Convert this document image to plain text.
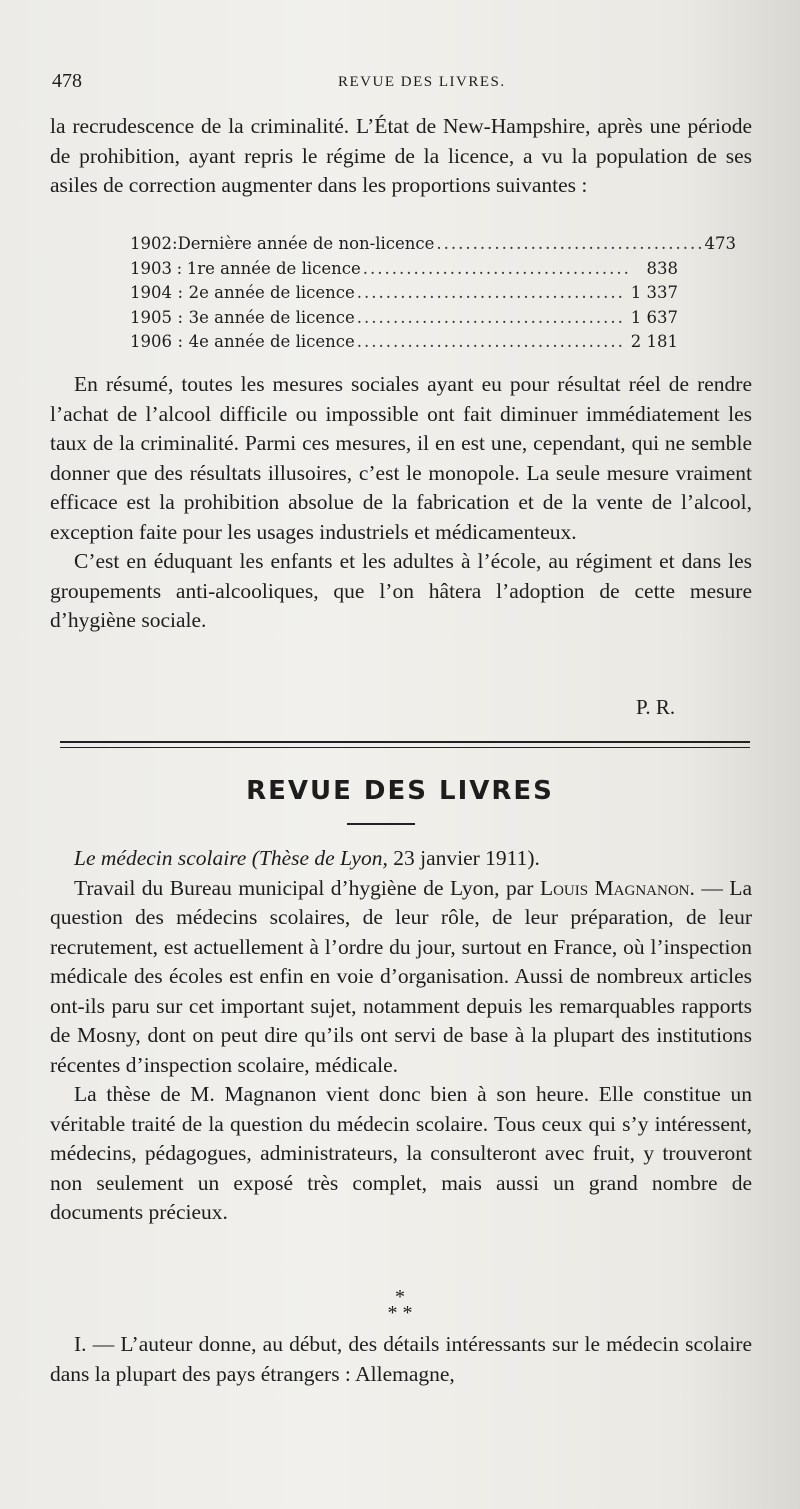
478	REVUE DES LIVRES.

la recrudescence de la criminalité. L’État de New-Hampshire, après une période de prohibition, ayant repris le régime de la licence, a vu la population de ses asiles de correction augmenter dans les proportions suivantes :

1902 : Dernière année de non-licence ..................................... 473
1903 : 1re année de licence ..................................... 838
1904 : 2e année de licence ..................................... 1 337
1905 : 3e année de licence ..................................... 1 637
1906 : 4e année de licence ..................................... 2 181

En résumé, toutes les mesures sociales ayant eu pour résultat réel de rendre l’achat de l’alcool difficile ou impossible ont fait diminuer immédiatement les taux de la criminalité. Parmi ces mesures, il en est une, cependant, qui ne semble donner que des résultats illusoires, c’est le monopole. La seule mesure vraiment efficace est la prohibition absolue de la fabrication et de la vente de l’alcool, exception faite pour les usages industriels et médicamenteux.

C’est en éduquant les enfants et les adultes à l’école, au régiment et dans les groupements anti-alcooliques, que l’on hâtera l’adoption de cette mesure d’hygiène sociale.

P. R.
REVUE DES LIVRES

Le médecin scolaire (Thèse de Lyon, 23 janvier 1911).

Travail du Bureau municipal d’hygiène de Lyon, par Louis Magnanon. — La question des médecins scolaires, de leur rôle, de leur préparation, de leur recrutement, est actuellement à l’ordre du jour, surtout en France, où l’inspection médicale des écoles est enfin en voie d’organisation. Aussi de nombreux articles ont-ils paru sur cet important sujet, notamment depuis les remarquables rapports de Mosny, dont on peut dire qu’ils ont servi de base à la plupart des institutions récentes d’inspection scolaire, médicale.

La thèse de M. Magnanon vient donc bien à son heure. Elle constitue un véritable traité de la question du médecin scolaire. Tous ceux qui s’y intéressent, médecins, pédagogues, administrateurs, la consulteront avec fruit, y trouveront non seulement un exposé très complet, mais aussi un grand nombre de documents précieux.

*
* *

I. — L’auteur donne, au début, des détails intéressants sur le médecin scolaire dans la plupart des pays étrangers : Allemagne,
